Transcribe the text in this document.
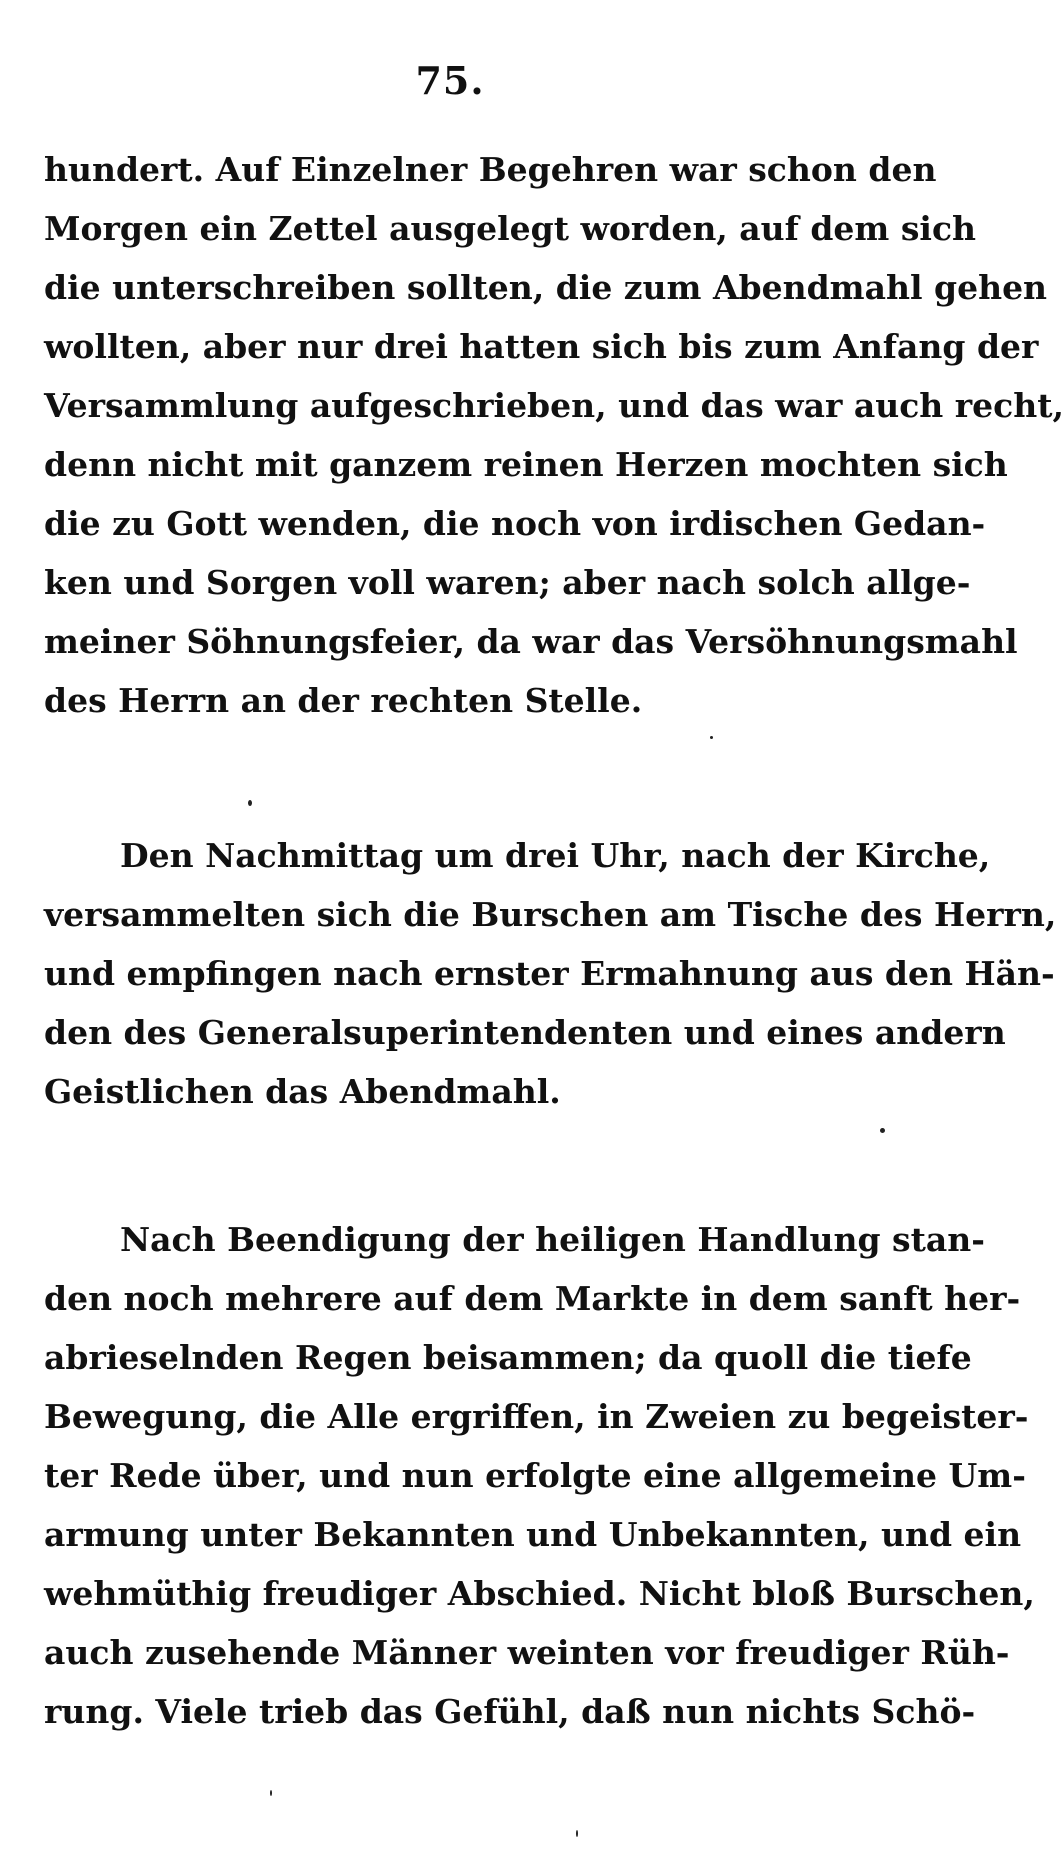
75.
hundert. Auf Einzelner Begehren war schon den
Morgen ein Zettel ausgelegt worden, auf dem sich
die unterschreiben sollten, die zum Abendmahl gehen
wollten, aber nur drei hatten sich bis zum Anfang der
Versammlung aufgeschrieben, und das war auch recht,
denn nicht mit ganzem reinen Herzen mochten sich
die zu Gott wenden, die noch von irdischen Gedan-
ken und Sorgen voll waren; aber nach solch allge-
meiner Söhnungsfeier, da war das Versöhnungsmahl
des Herrn an der rechten Stelle.
Den Nachmittag um drei Uhr, nach der Kirche,
versammelten sich die Burschen am Tische des Herrn,
und empfingen nach ernster Ermahnung aus den Hän-
den des Generalsuperintendenten und eines andern
Geistlichen das Abendmahl.
Nach Beendigung der heiligen Handlung stan-
den noch mehrere auf dem Markte in dem sanft her-
abrieselnden Regen beisammen; da quoll die tiefe
Bewegung, die Alle ergriffen, in Zweien zu begeister-
ter Rede über, und nun erfolgte eine allgemeine Um-
armung unter Bekannten und Unbekannten, und ein
wehmüthig freudiger Abschied. Nicht bloß Burschen,
auch zusehende Männer weinten vor freudiger Rüh-
rung. Viele trieb das Gefühl, daß nun nichts Schö-
